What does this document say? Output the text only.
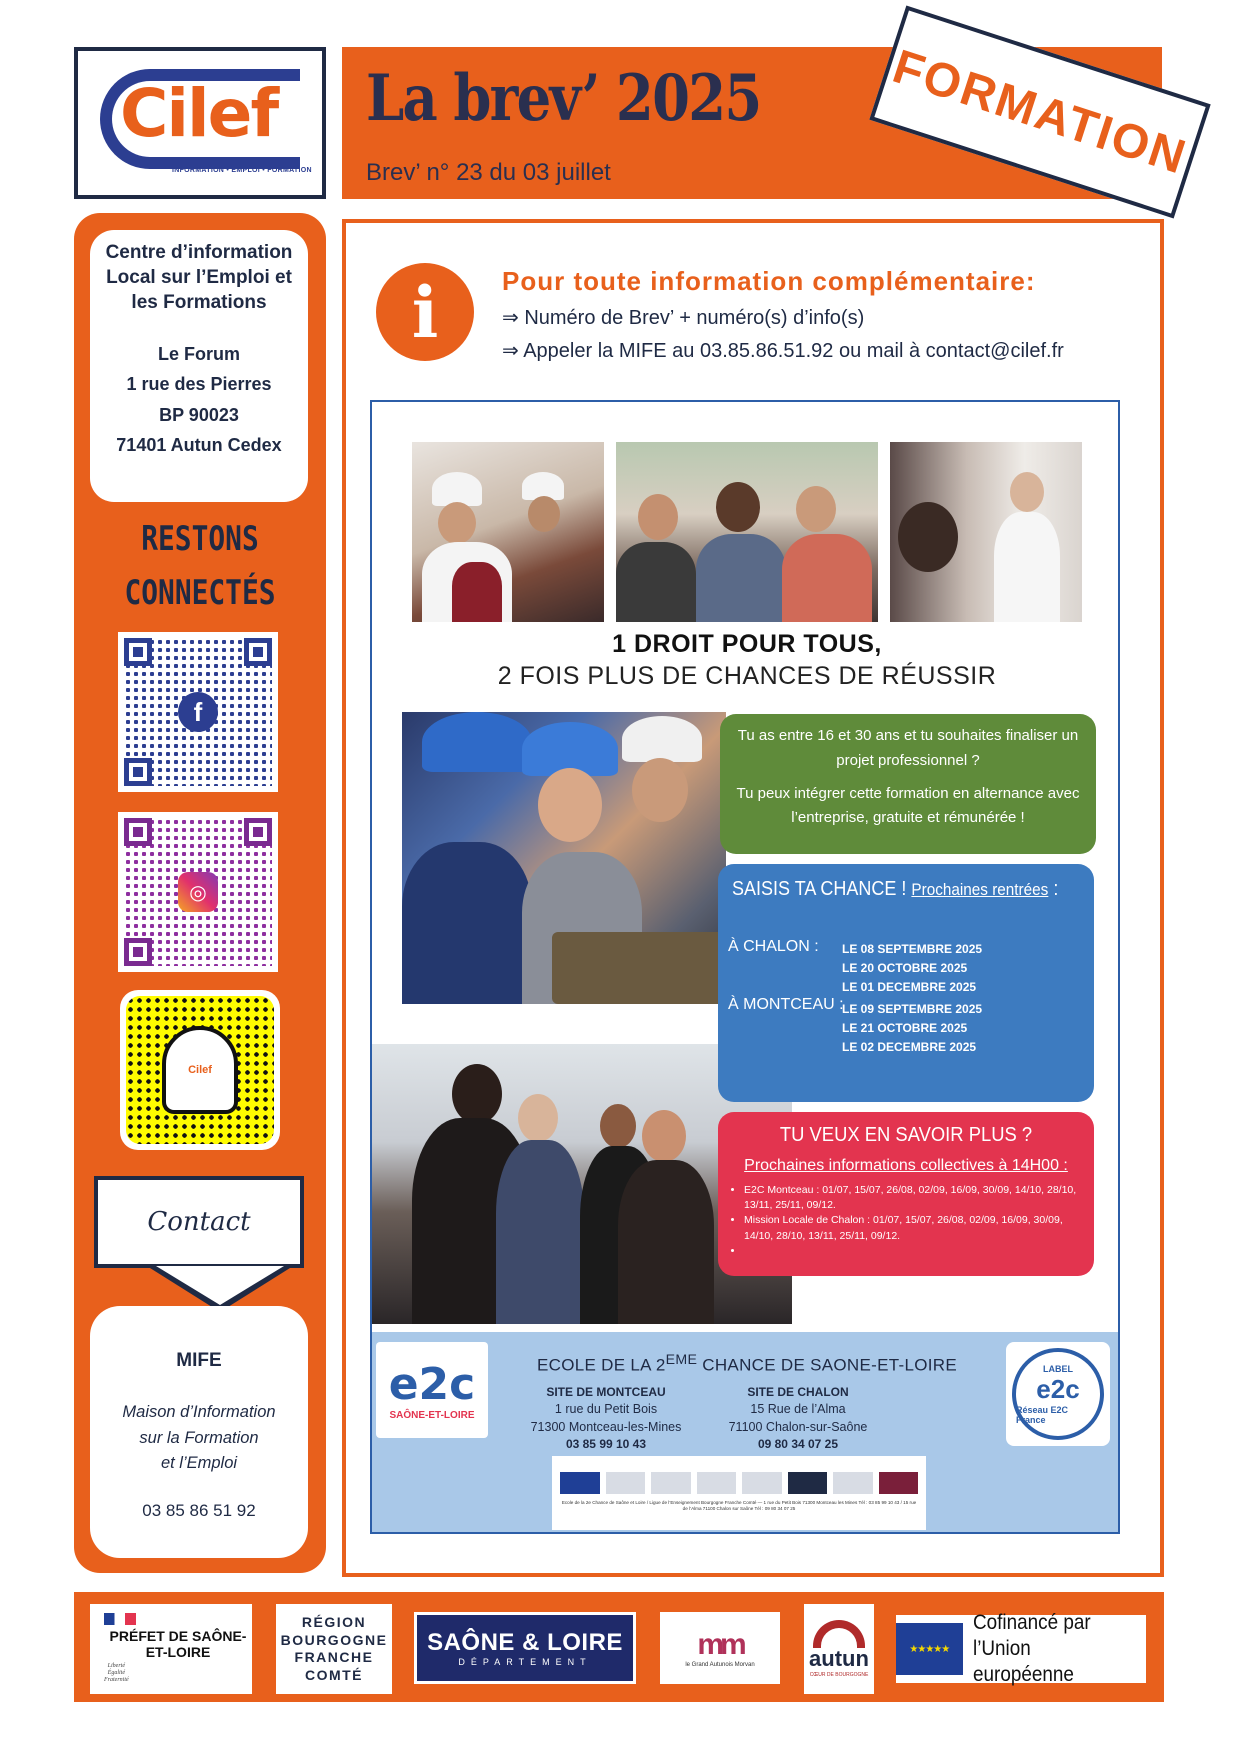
Cilef
INFORMATION • EMPLOI • FORMATION
La brev’ 2025
Brev’ n° 23 du 03 juillet	FORMATION
Centre d’information Local sur l’Emploi et les Formations
Le Forum
1 rue des Pierres
BP 90023
71401 Autun Cedex
RESTONS
CONNECTÉS
f
◎
Cilef
Contact
MIFE
Maison d’Information
sur la Formation
et l’Emploi
03 85 86 51 92
i	Pour toute information complémentaire:
⇒ Numéro de Brev’ + numéro(s) d’info(s)
⇒ Appeler la MIFE au 03.85.86.51.92 ou mail à contact@cilef.fr
1 DROIT POUR TOUS,
2 FOIS PLUS DE CHANCES DE RÉUSSIR

Tu as entre 16 et 30 ans et tu souhaites finaliser un projet professionnel ?

Tu peux intégrer cette formation en alternance avec l’entreprise, gratuite et rémunérée !

SAISIS TA CHANCE ! Prochaines rentrées :
À CHALON : LE 08 SEPTEMBRE 2025
LE 20 OCTOBRE 2025
LE 01 DECEMBRE 2025
À MONTCEAU :
LE 09 SEPTEMBRE 2025
LE 21 OCTOBRE 2025
LE 02 DECEMBRE 2025
TU VEUX EN SAVOIR PLUS ?
Prochaines informations collectives à 14H00 :
• E2C Montceau : 01/07, 15/07, 26/08, 02/09, 16/09, 30/09, 14/10, 28/10, 13/11, 25/11, 09/12.
• Mission Locale de Chalon : 01/07, 15/07, 26/08, 02/09, 16/09, 30/09, 14/10, 28/10, 13/11, 25/11, 09/12.
•
e2c
SAÔNE-ET-LOIRE
ECOLE DE LA 2EME CHANCE DE SAONE-ET-LOIRE
SITE DE MONTCEAU
1 rue du Petit Bois
71300 Montceau-les-Mines
03 85 99 10 43
SITE DE CHALON
15 Rue de l’Alma
71100 Chalon-sur-Saône
09 80 34 07 25
LABEL
e2c
Réseau E2C France
Ecole de la 2e Chance de Saône et Loire / Ligue de l’Enseignement Bourgogne Franche Comté — 1 rue du Petit Bois 71300 Montceau les Mines Tél : 03 85 99 10 43 / 15 rue de l’Alma 71100 Chalon sur Saône Tél : 09 80 34 07 25
PRÉFET DE SAÔNE-ET-LOIRE
Liberté
Égalité
Fraternité
RÉGION
BOURGOGNE
FRANCHE
COMTÉ
SAÔNE & LOIRE
DÉPARTEMENT
mm
le Grand Autunois Morvan autun
CŒUR DE BOURGOGNE
★★★★★
Cofinancé par
l’Union européenne
